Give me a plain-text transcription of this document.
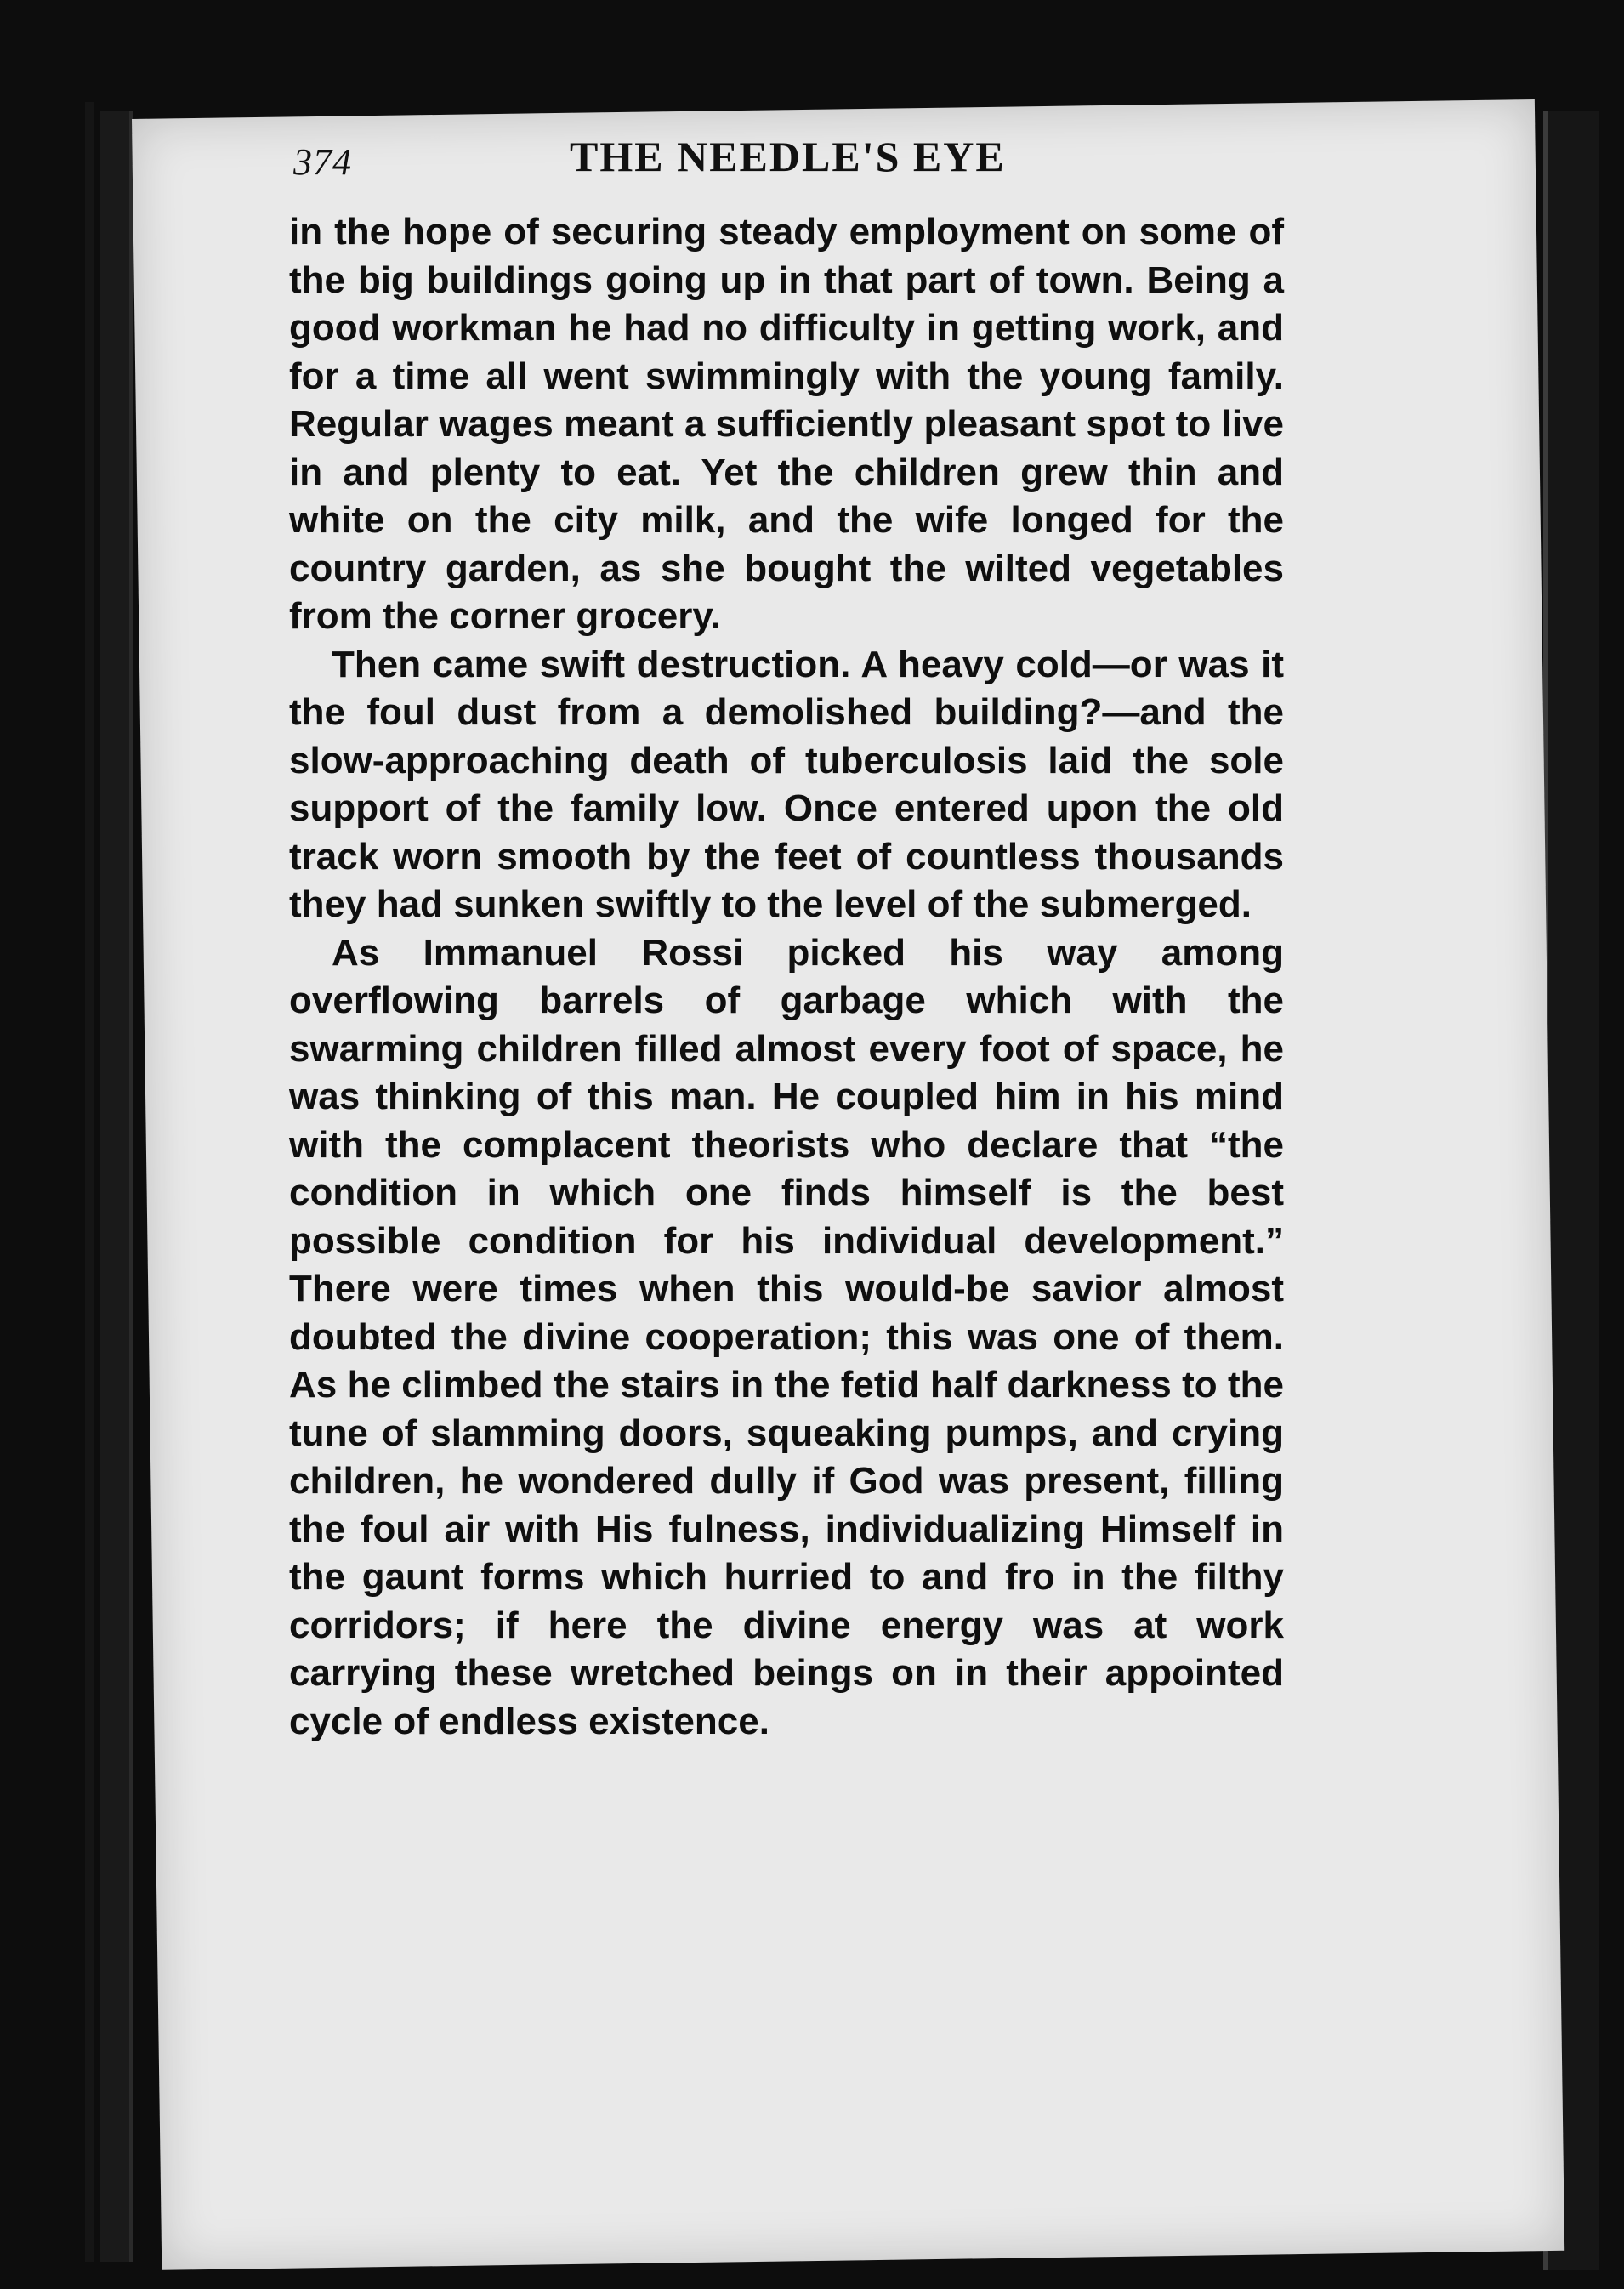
374	THE NEEDLE'S EYE

in the hope of securing steady employment on some of the big buildings going up in that part of town. Being a good workman he had no difficulty in getting work, and for a time all went swimmingly with the young family. Regular wages meant a sufficiently pleasant spot to live in and plenty to eat. Yet the children grew thin and white on the city milk, and the wife longed for the country garden, as she bought the wilted vegetables from the corner grocery.

Then came swift destruction. A heavy cold—or was it the foul dust from a demolished building?—and the slow-approaching death of tuberculosis laid the sole support of the family low. Once entered upon the old track worn smooth by the feet of countless thousands they had sunken swiftly to the level of the submerged.

As Immanuel Rossi picked his way among overflowing barrels of garbage which with the swarming children filled almost every foot of space, he was thinking of this man. He coupled him in his mind with the complacent theorists who declare that “the condition in which one finds himself is the best possible condition for his individual development.” There were times when this would-be savior almost doubted the divine cooperation; this was one of them. As he climbed the stairs in the fetid half darkness to the tune of slamming doors, squeaking pumps, and crying children, he wondered dully if God was present, filling the foul air with His fulness, individualizing Himself in the gaunt forms which hurried to and fro in the filthy corridors; if here the divine energy was at work carrying these wretched beings on in their appointed cycle of endless existence.
